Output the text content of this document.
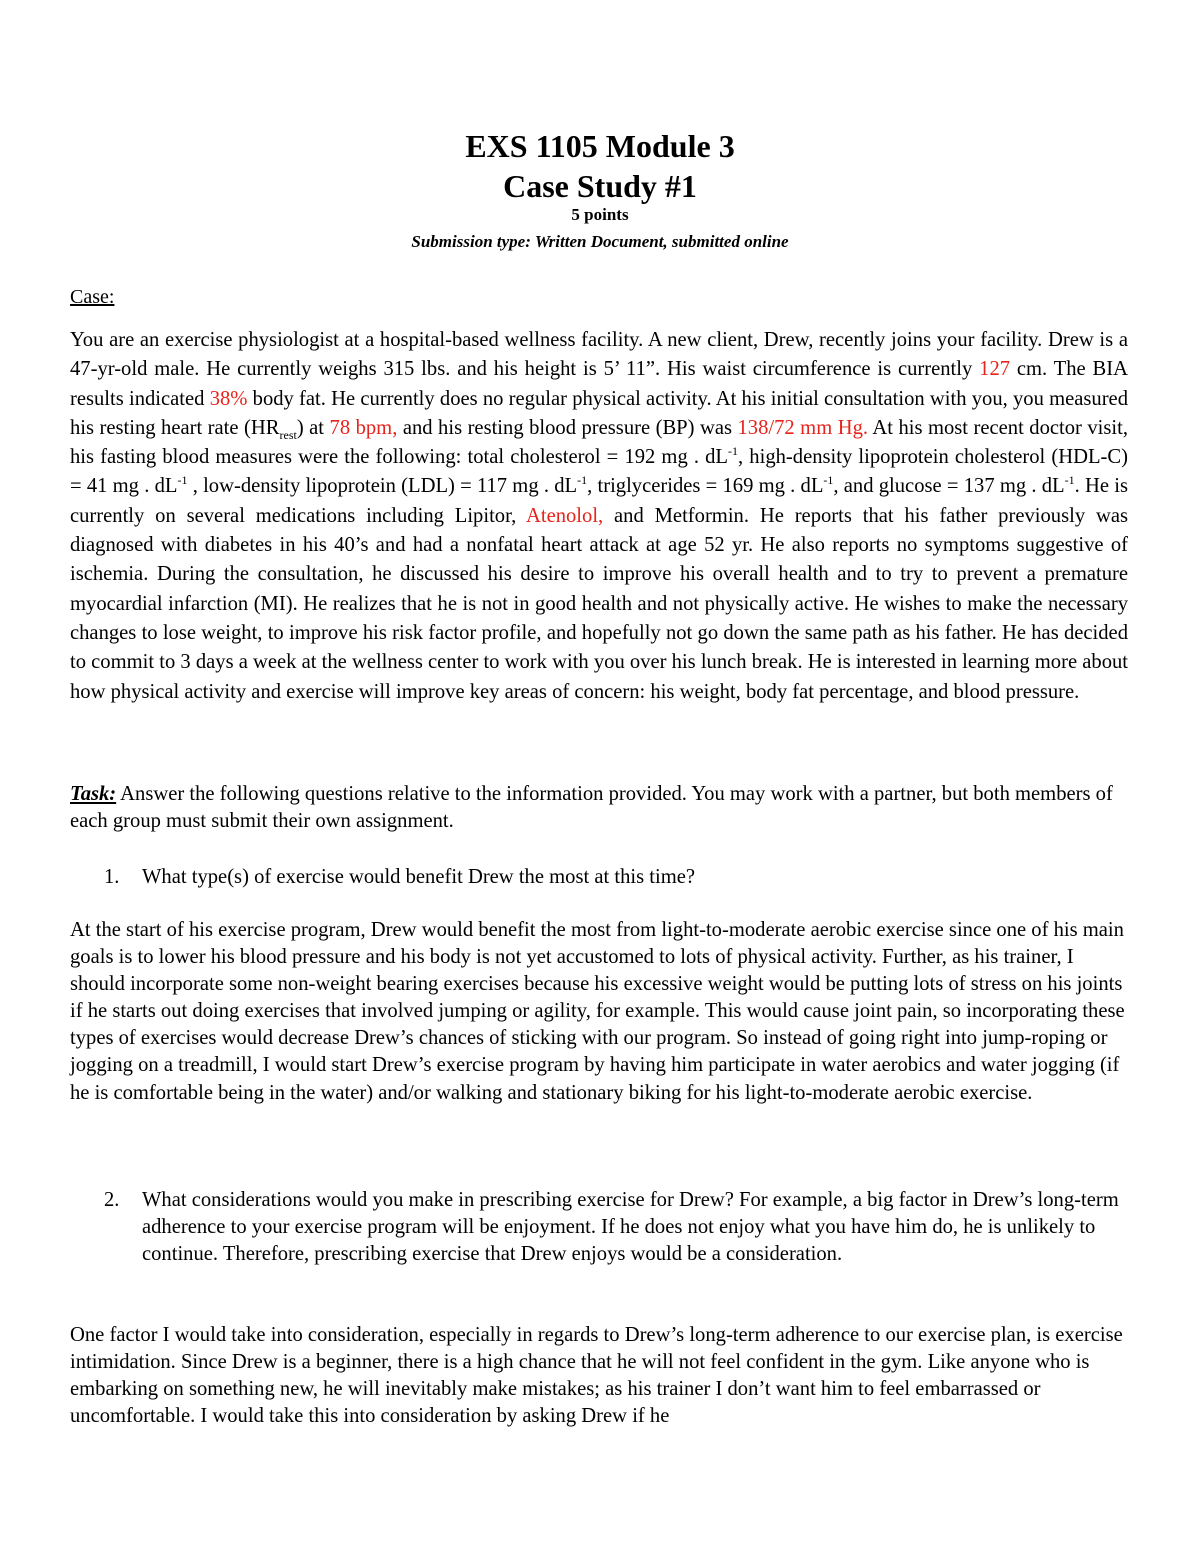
EXS 1105 Module 3
Case Study #1
5 points
Submission type: Written Document, submitted online
Case:

You are an exercise physiologist at a hospital-based wellness facility. A new client, Drew, recently joins your facility. Drew is a 47-yr-old male. He currently weighs 315 lbs. and his height is 5’ 11”. His waist circumference is currently 127 cm. The BIA results indicated 38% body fat. He currently does no regular physical activity. At his initial consultation with you, you measured his resting heart rate $(HR_{rest})$ at 78 bpm, and his resting blood pressure (BP) was 138/72 mm Hg. At his most recent doctor visit, his fasting blood measures were the following: total cholesterol = 192 mg . $dL^{-1}$, high-density lipoprotein cholesterol (HDL-C) = 41 mg . $dL^{-1}$ , low-density lipoprotein (LDL) = 117 mg . $dL^{-1}$, triglycerides = 169 mg . $dL^{-1}$, and glucose = 137 mg . $dL^{-1}$. He is currently on several medications including Lipitor, Atenolol, and Metformin. He reports that his father previously was diagnosed with diabetes in his 40’s and had a nonfatal heart attack at age 52 yr. He also reports no symptoms suggestive of ischemia. During the consultation, he discussed his desire to improve his overall health and to try to prevent a premature myocardial infarction (MI). He realizes that he is not in good health and not physically active. He wishes to make the necessary changes to lose weight, to improve his risk factor profile, and hopefully not go down the same path as his father. He has decided to commit to 3 days a week at the wellness center to work with you over his lunch break. He is interested in learning more about how physical activity and exercise will improve key areas of concern: his weight, body fat percentage, and blood pressure.

Task: Answer the following questions relative to the information provided. You may work with a partner, but both members of each group must submit their own assignment.

1. What type(s) of exercise would benefit Drew the most at this time?

At the start of his exercise program, Drew would benefit the most from light-to-moderate aerobic exercise since one of his main goals is to lower his blood pressure and his body is not yet accustomed to lots of physical activity. Further, as his trainer, I should incorporate some non-weight bearing exercises because his excessive weight would be putting lots of stress on his joints if he starts out doing exercises that involved jumping or agility, for example. This would cause joint pain, so incorporating these types of exercises would decrease Drew’s chances of sticking with our program. So instead of going right into jump-roping or jogging on a treadmill, I would start Drew’s exercise program by having him participate in water aerobics and water jogging (if he is comfortable being in the water) and/or walking and stationary biking for his light-to-moderate aerobic exercise.

2. What considerations would you make in prescribing exercise for Drew? For example, a big factor in Drew’s long-term adherence to your exercise program will be enjoyment. If he does not enjoy what you have him do, he is unlikely to continue. Therefore, prescribing exercise that Drew enjoys would be a consideration.

One factor I would take into consideration, especially in regards to Drew’s long-term adherence to our exercise plan, is exercise intimidation. Since Drew is a beginner, there is a high chance that he will not feel confident in the gym. Like anyone who is embarking on something new, he will inevitably make mistakes; as his trainer I don’t want him to feel embarrassed or uncomfortable. I would take this into consideration by asking Drew if he
